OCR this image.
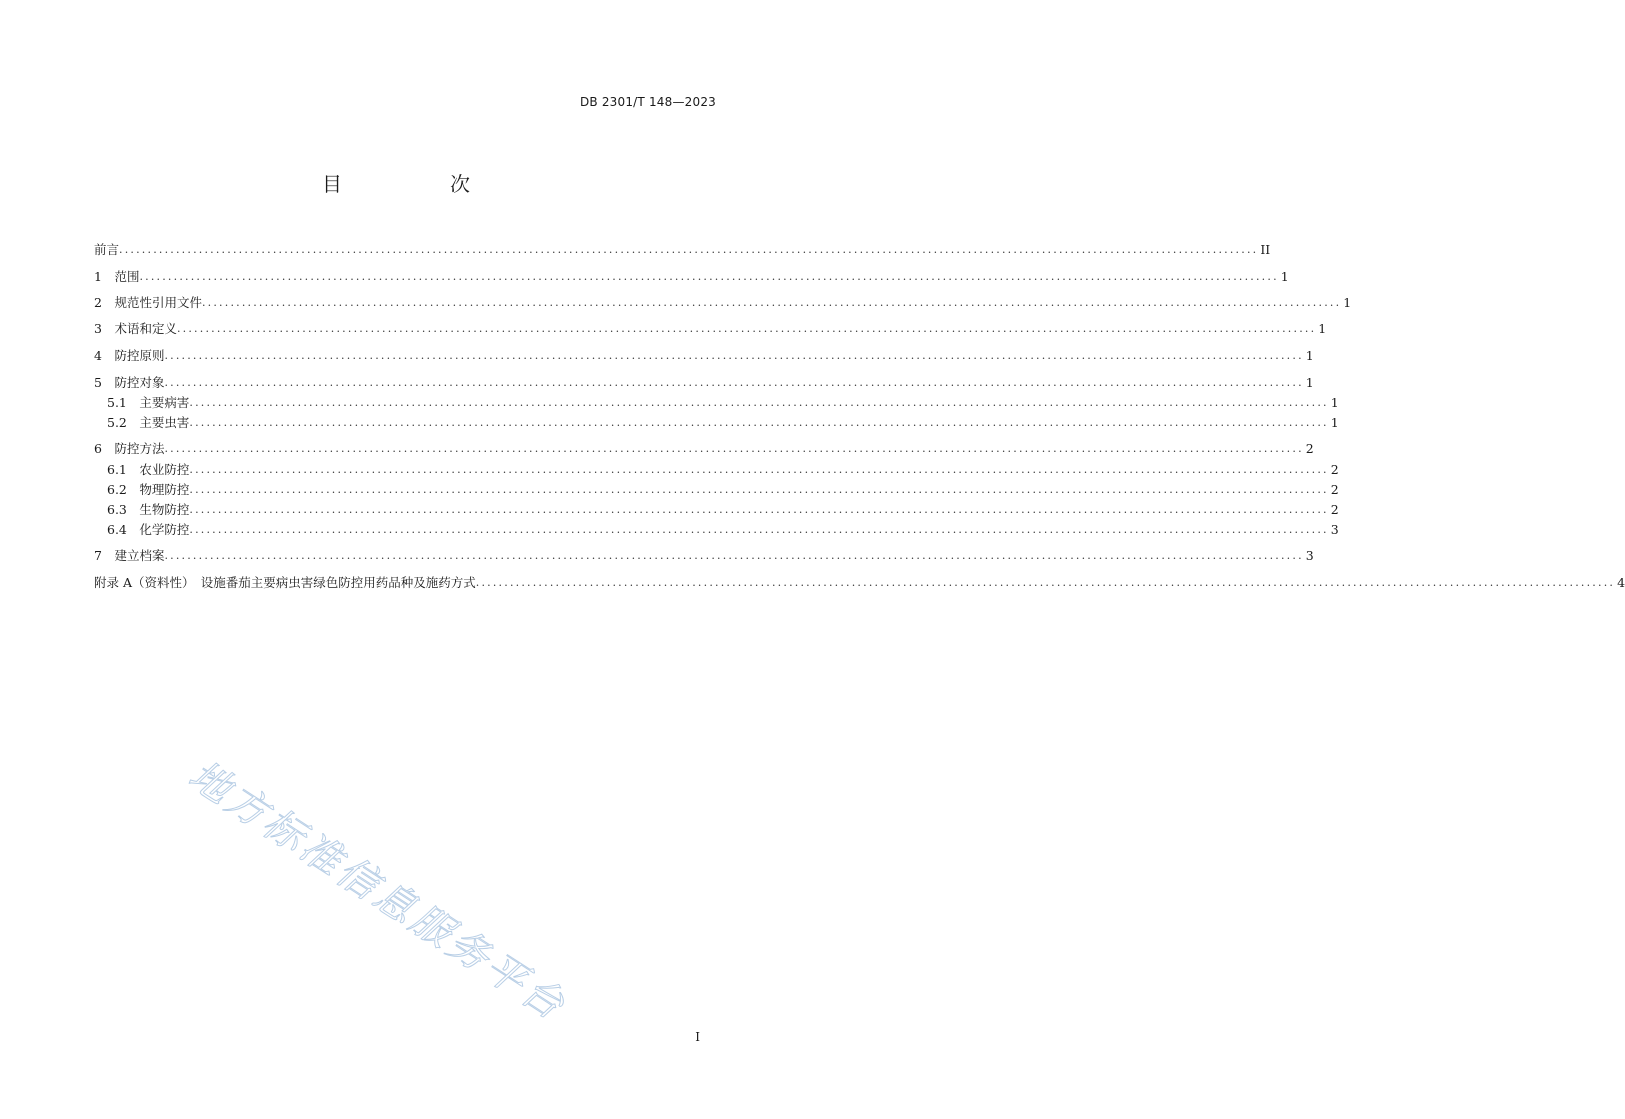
DB 2301/T 148—2023
目　次
前言 ........................................................................................................................................................................................................ II
1　范围 ........................................................................................................................................................................................................ 1
2　规范性引用文件 ........................................................................................................................................................................................................ 1
3　术语和定义 ........................................................................................................................................................................................................ 1
4　防控原则 ........................................................................................................................................................................................................ 1
5　防控对象 ........................................................................................................................................................................................................ 1
5.1　主要病害 ........................................................................................................................................................................................................ 1
5.2　主要虫害 ........................................................................................................................................................................................................ 1
6　防控方法 ........................................................................................................................................................................................................ 2
6.1　农业防控 ........................................................................................................................................................................................................ 2
6.2　物理防控 ........................................................................................................................................................................................................ 2
6.3　生物防控 ........................................................................................................................................................................................................ 2
6.4　化学防控 ........................................................................................................................................................................................................ 3
7　建立档案 ........................................................................................................................................................................................................ 3
附录 A（资料性）　设施番茄主要病虫害绿色防控用药品种及施药方式 ........................................................................................................................................................................................................ 4
地方标准信息服务平台
I
